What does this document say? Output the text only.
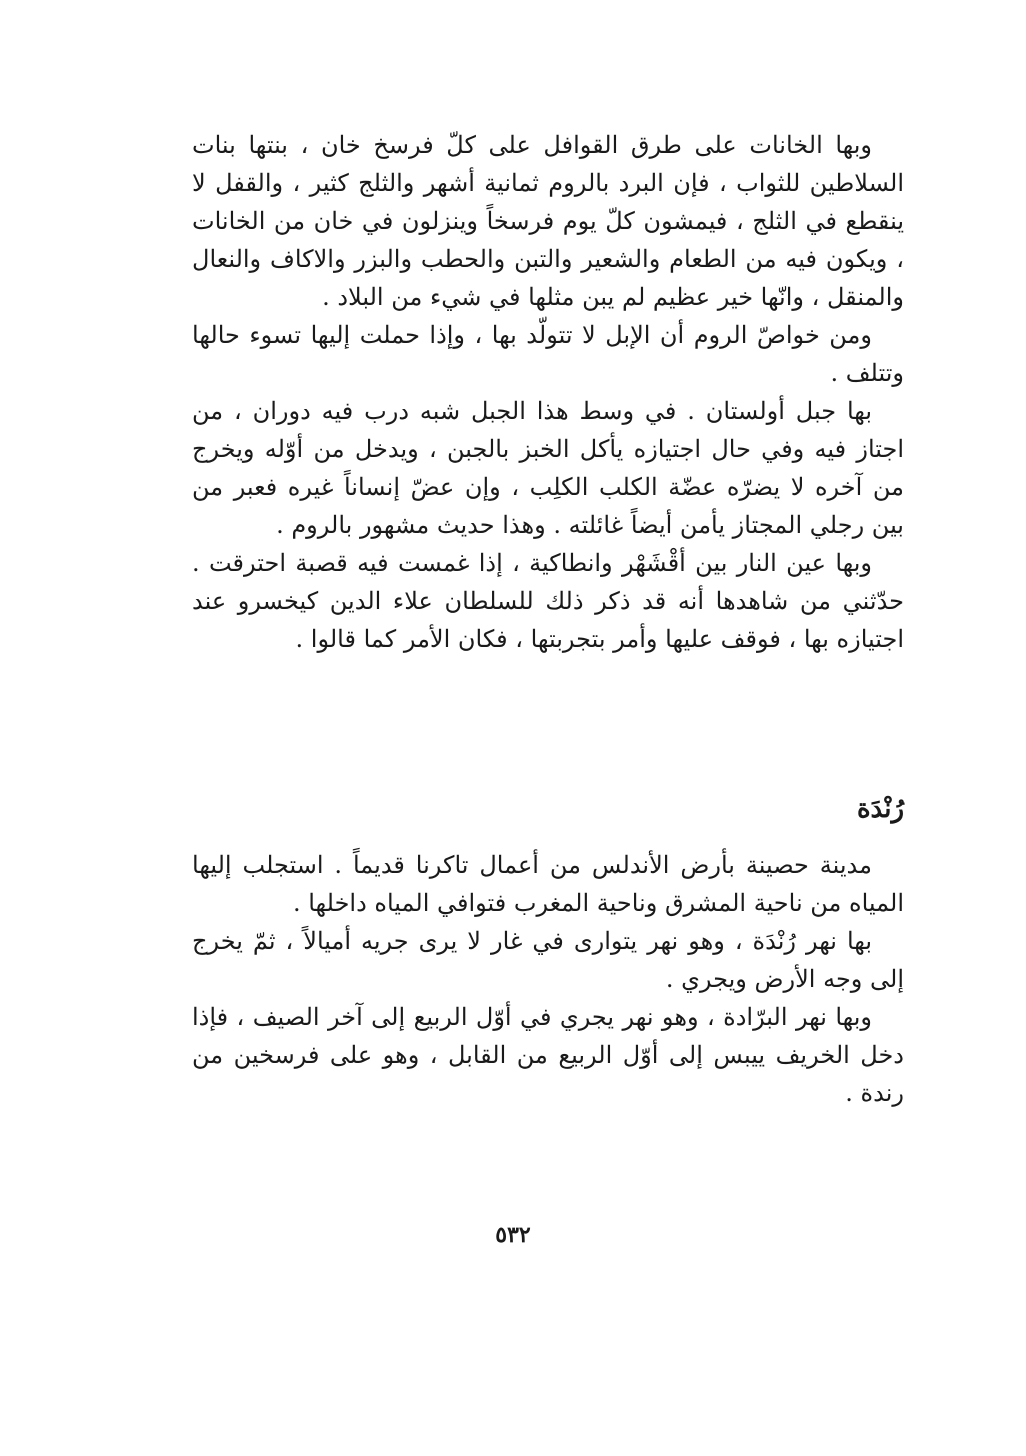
وبها الخانات على طرق القوافل على كلّ فرسخ خان ، بنتها بنات السلاطين للثواب ، فإن البرد بالروم ثمانية أشهر والثلج كثير ، والقفل لا ينقطع في الثلج ، فيمشون كلّ يوم فرسخاً وينزلون في خان من الخانات ، ويكون فيه من الطعام والشعير والتبن والحطب والبزر والاكاف والنعال والمنقل ، وانّها خير عظيم لم يبن مثلها في شيء من البلاد .

ومن خواصّ الروم أن الإبل لا تتولّد بها ، وإذا حملت إليها تسوء حالها وتتلف .

بها جبل أولستان . في وسط هذا الجبل شبه درب فيه دوران ، من اجتاز فيه وفي حال اجتيازه يأكل الخبز بالجبن ، ويدخل من أوّله ويخرج من آخره لا يضرّه عضّة الكلب الكلِب ، وإن عضّ إنساناً غيره فعبر من بين رجلي المجتاز يأمن أيضاً غائلته . وهذا حديث مشهور بالروم .

وبها عين النار بين أقْشَهْر وانطاكية ، إذا غمست فيه قصبة احترقت . حدّثني من شاهدها أنه قد ذكر ذلك للسلطان علاء الدين كيخسرو عند اجتيازه بها ، فوقف عليها وأمر بتجربتها ، فكان الأمر كما قالوا .

رُنْدَة

مدينة حصينة بأرض الأندلس من أعمال تاكرنا قديماً . استجلب إليها المياه من ناحية المشرق وناحية المغرب فتوافي المياه داخلها .

بها نهر رُنْدَة ، وهو نهر يتوارى في غار لا يرى جريه أميالاً ، ثمّ يخرج إلى وجه الأرض ويجري .

وبها نهر البرّادة ، وهو نهر يجري في أوّل الربيع إلى آخر الصيف ، فإذا دخل الخريف ييبس إلى أوّل الربيع من القابل ، وهو على فرسخين من رندة .

٥٣٢
